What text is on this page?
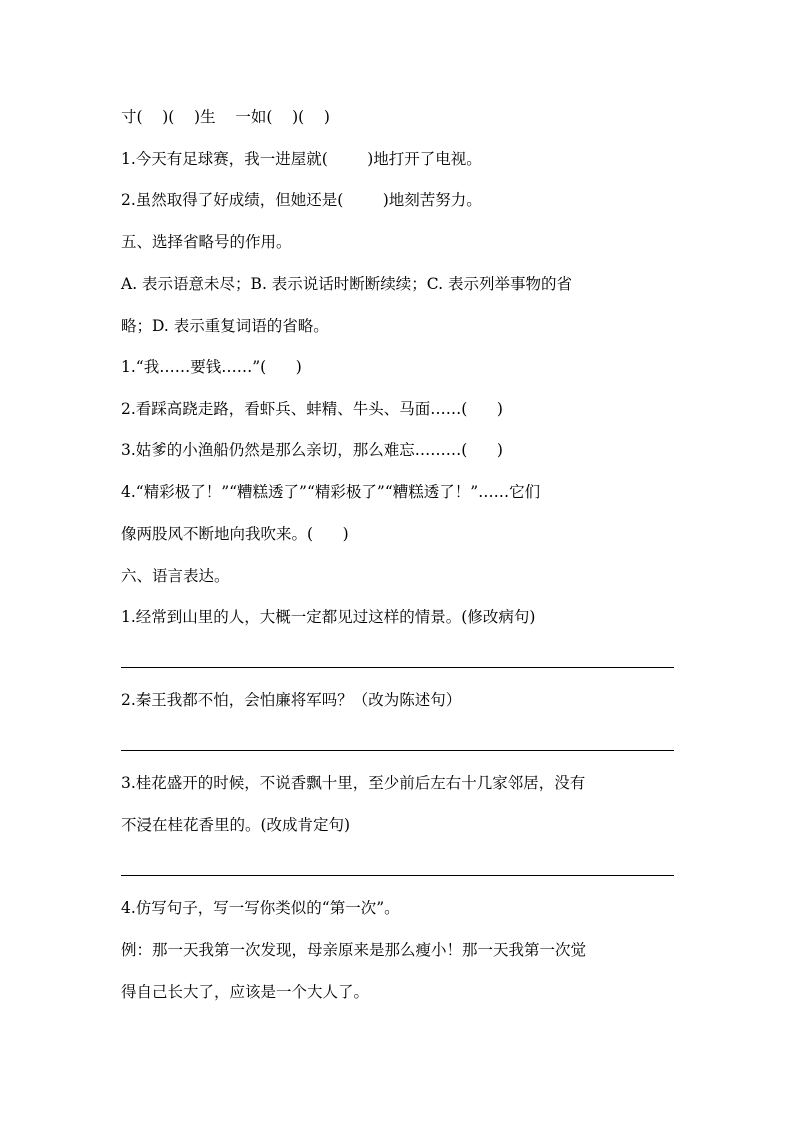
寸(    )(    )生    一如(    )(    )

1.今天有足球赛，我一进屋就(        )地打开了电视。

2.虽然取得了好成绩，但她还是(        )地刻苦努力。

五、选择省略号的作用。

A. 表示语意未尽；B. 表示说话时断断续续；C. 表示列举事物的省

略；D. 表示重复词语的省略。

1.“我……要钱……”(      )

2.看踩高跷走路，看虾兵、蚌精、牛头、马面……(      )

3.姑爹的小渔船仍然是那么亲切，那么难忘………(      )

4.“精彩极了！”“糟糕透了”“精彩极了”“糟糕透了！”……它们

像两股风不断地向我吹来。(      )

六、语言表达。

1.经常到山里的人，大概一定都见过这样的情景。(修改病句)

2.秦王我都不怕，会怕廉将军吗？（改为陈述句）

3.桂花盛开的时候，不说香飘十里，至少前后左右十几家邻居，没有

不浸在桂花香里的。(改成肯定句)

4.仿写句子，写一写你类似的“第一次”。

例：那一天我第一次发现，母亲原来是那么瘦小！那一天我第一次觉

得自己长大了，应该是一个大人了。
